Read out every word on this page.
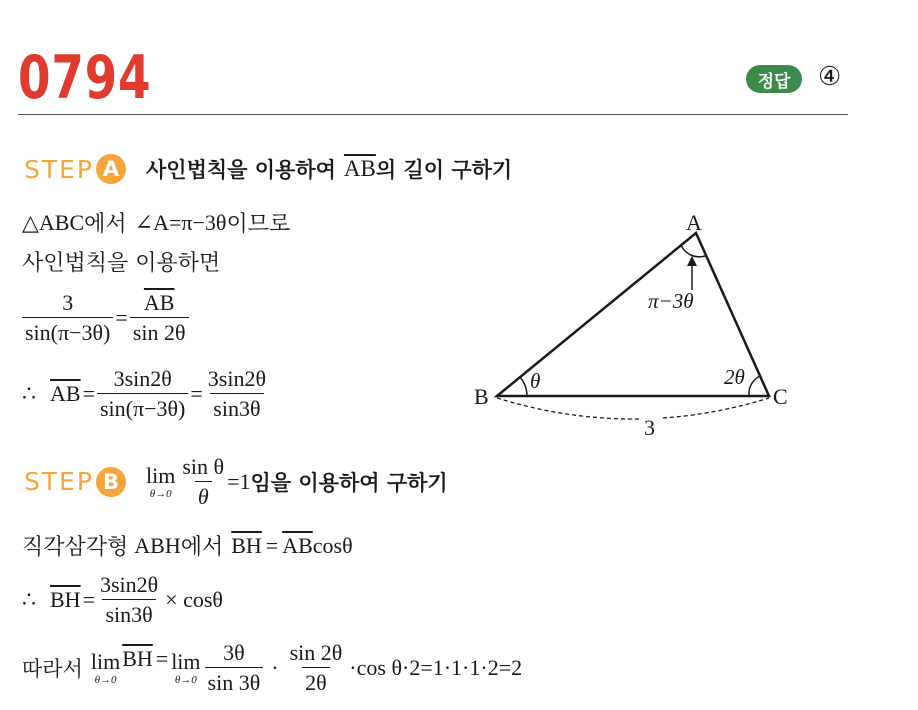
0794	정답	④
STEP A	사인법칙을 이용하여 $\overline{AB}$ 의 길이 구하기
△ABC 에서 ∠A=π−3θ 이므로
사인법칙을 이용하면
$\frac{3}{\sin(\pi-3\theta)} = \frac{\overline{AB}}{\sin 2\theta}$
∴ $\overline{AB} = \frac{3\sin 2\theta}{\sin(\pi-3\theta)} = \frac{3\sin 2\theta}{\sin 3\theta}$
A
B	C
π−3θ
θ	2θ
3
STEP B	lim
$\theta\to 0 \frac{\text{sin θ}}{\theta} =1$ 임을 이용하여 구하기
직각삼각형 ABH 에서 $\overline{BH} = \overline{AB}$ cosθ
∴ $\overline{BH} = \frac{3\sin 2\theta}{\sin 3\theta} \times \cos\theta$
따라서 lim
θ→0
$\overline{BH} = \lim$
$\theta\to 0 \frac{3\theta}{\sin 3\theta} \cdot \frac{\sin 2\theta}{2\theta} \cdot\cos$ θ·2=1·1·1·2=2
